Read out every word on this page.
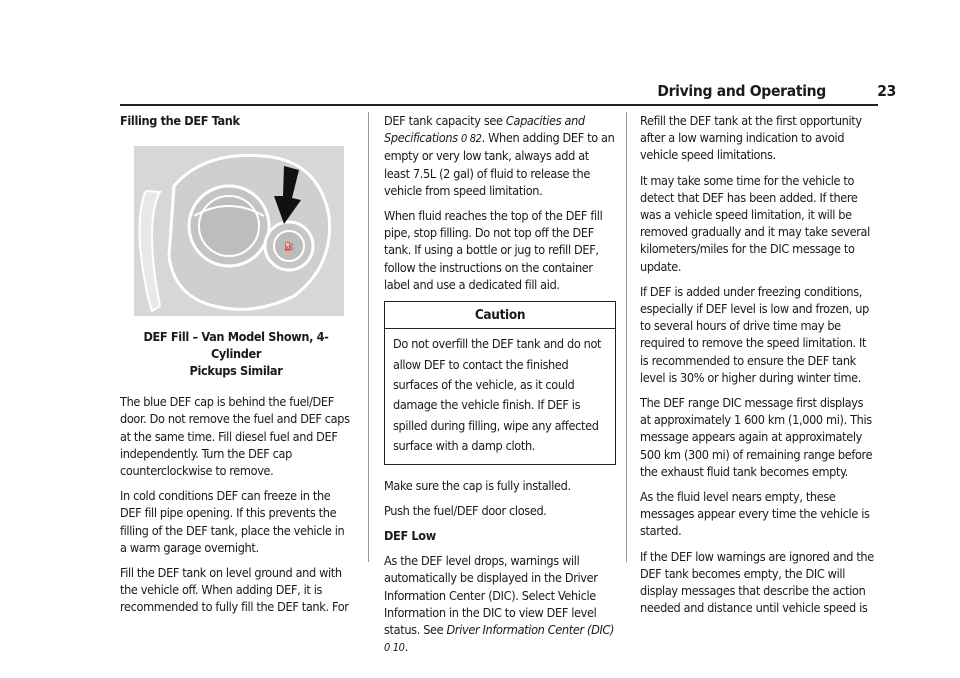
Driving and Operating	23

Filling the DEF Tank

⛽
DEF Fill – Van Model Shown, 4-Cylinder
Pickups Similar

The blue DEF cap is behind the fuel/DEF door. Do not remove the fuel and DEF caps at the same time. Fill diesel fuel and DEF independently. Turn the DEF cap counterclockwise to remove.

In cold conditions DEF can freeze in the DEF fill pipe opening. If this prevents the filling of the DEF tank, place the vehicle in a warm garage overnight.

Fill the DEF tank on level ground and with the vehicle off. When adding DEF, it is recommended to fully fill the DEF tank. For

DEF tank capacity see Capacities and Specifications 0 82. When adding DEF to an empty or very low tank, always add at least 7.5L (2 gal) of fluid to release the vehicle from speed limitation.

When fluid reaches the top of the DEF fill pipe, stop filling. Do not top off the DEF tank. If using a bottle or jug to refill DEF, follow the instructions on the container label and use a dedicated fill aid.

Caution
Do not overfill the DEF tank and do not allow DEF to contact the finished surfaces of the vehicle, as it could damage the vehicle finish. If DEF is spilled during filling, wipe any affected surface with a damp cloth.

Make sure the cap is fully installed.

Push the fuel/DEF door closed.

DEF Low

As the DEF level drops, warnings will automatically be displayed in the Driver Information Center (DIC). Select Vehicle Information in the DIC to view DEF level status. See Driver Information Center (DIC)
0 10.

Refill the DEF tank at the first opportunity after a low warning indication to avoid vehicle speed limitations.

It may take some time for the vehicle to detect that DEF has been added. If there was a vehicle speed limitation, it will be removed gradually and it may take several kilometers/miles for the DIC message to update.

If DEF is added under freezing conditions, especially if DEF level is low and frozen, up to several hours of drive time may be required to remove the speed limitation. It is recommended to ensure the DEF tank level is 30% or higher during winter time.

The DEF range DIC message first displays at approximately 1 600 km (1,000 mi). This message appears again at approximately 500 km (300 mi) of remaining range before the exhaust fluid tank becomes empty.

As the fluid level nears empty, these messages appear every time the vehicle is started.

If the DEF low warnings are ignored and the DEF tank becomes empty, the DIC will display messages that describe the action needed and distance until vehicle speed is
